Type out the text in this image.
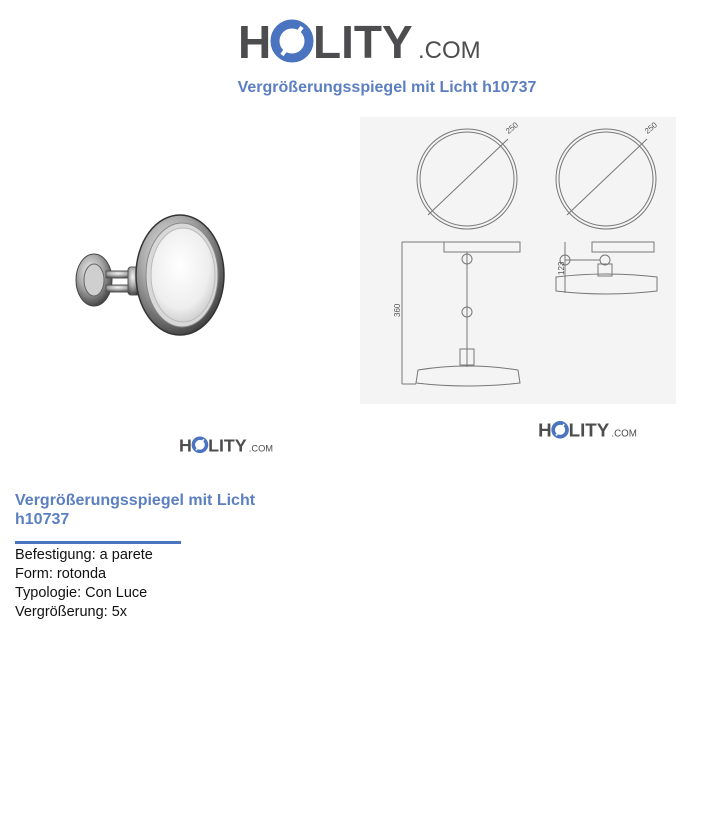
H LITY .COM
Vergrößerungsspiegel mit Licht h10737
H LITY .COM
250	250
360
123
H LITY .COM
Vergrößerungsspiegel mit Licht
h10737
Befestigung: a parete
Form: rotonda
Typologie: Con Luce
Vergrößerung: 5x
